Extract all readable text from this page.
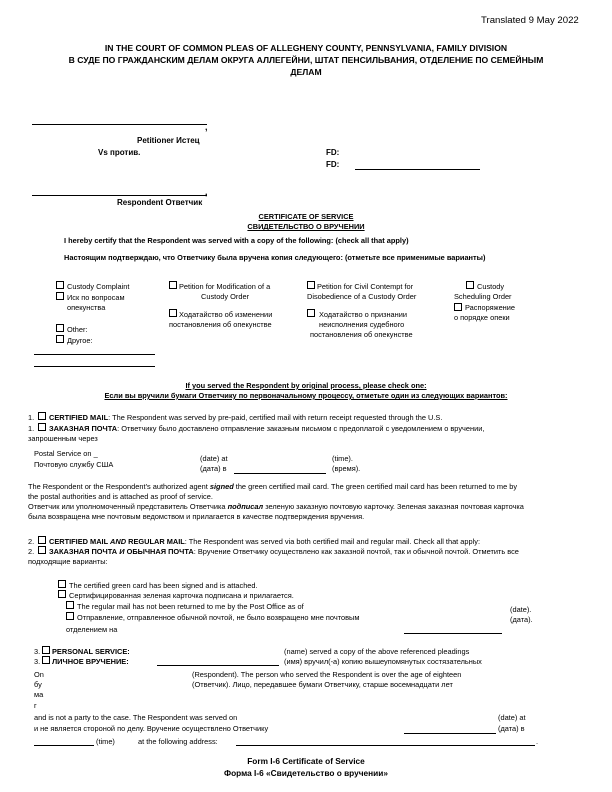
Translated 9 May 2022
IN THE COURT OF COMMON PLEAS OF ALLEGHENY COUNTY, PENNSYLVANIA, FAMILY DIVISION
В СУДЕ ПО ГРАЖДАНСКИМ ДЕЛАМ ОКРУГА АЛЛЕГЕЙНИ, ШТАТ ПЕНСИЛЬВАНИЯ, ОТДЕЛЕНИЕ ПО СЕМЕЙНЫМ
ДЕЛАМ
,
Petitioner Истец
Vs против.	FD:
FD:
,
Respondent Ответчик
CERTIFICATE OF SERVICE
СВИДЕТЕЛЬСТВО О ВРУЧЕНИИ
I hereby certify that the Respondent was served with a copy of the following: (check all that apply)
Настоящим подтверждаю, что Ответчику была вручена копия следующего: (отметьте все применимые варианты)
Custody Complaint
Иск по вопросам
опекунства
Other:
Другое:
Petition for Modification of a
Custody Order
Ходатайство об изменении
постановления об опекунстве
Petition for Civil Contempt for
Disobedience of a Custody Order
Ходатайство о признании
неисполнения судебного
постановления об опекунстве
Custody
Scheduling Order
Распоряжение
о порядке опеки
If you served the Respondent by original process, please check one:
Если вы вручили бумаги Ответчику по первоначальному процессу, отметьте один из следующих вариантов:
1. CERTIFIED MAIL: The Respondent was served by pre-paid, certified mail with return receipt requested through the U.S.
1. ЗАКАЗНАЯ ПОЧТА: Ответчику было доставлено отправление заказным письмом с предоплатой с уведомлением о вручении,
запрошенным через
Postal Service on _
Почтовую службу США
(date) at
(дата) в
(time).
(время).
The Respondent or the Respondent’s authorized agent signed the green certified mail card. The green certified mail card has been returned to me by
the postal authorities and is attached as proof of service.
Ответчик или уполномоченный представитель Ответчика подписал зеленую заказную почтовую карточку. Зеленая заказная почтовая карточка
была возвращена мне почтовым ведомством и прилагается в качестве подтверждения вручения.
2. CERTIFIED MAIL AND REGULAR MAIL: The Respondent was served via both certified mail and regular mail. Check all that apply:
2. ЗАКАЗНАЯ ПОЧТА И ОБЫЧНАЯ ПОЧТА: Вручение Ответчику осуществлено как заказной почтой, так и обычной почтой. Отметить все
подходящие варианты:
The certified green card has been signed and is attached.
Сертифицированная зеленая карточка подписана и прилагается.
The regular mail has not been returned to me by the Post Office as of
Отправление, отправленное обычной почтой, не было возвращено мне почтовым
отделением на
(date).
(дата).
3. PERSONAL SERVICE:
3. ЛИЧНОЕ ВРУЧЕНИЕ:
(name) served a copy of the above referenced pleadings
(имя) вручил(-а) копию вышеупомянутых состязательных
On
бу
ма
г
(Respondent). The person who served the Respondent is over the age of eighteen
(Ответчик). Лицо, передавшее бумаги Ответчику, старше восемнадцати лет
and is not a party to the case. The Respondent was served on
и не является стороной по делу. Вручение осуществлено Ответчику
(date) at
(дата) в
(time)	at the following address:	.
Form I-6 Certificate of Service
Форма I-6 «Свидетельство о вручении»
